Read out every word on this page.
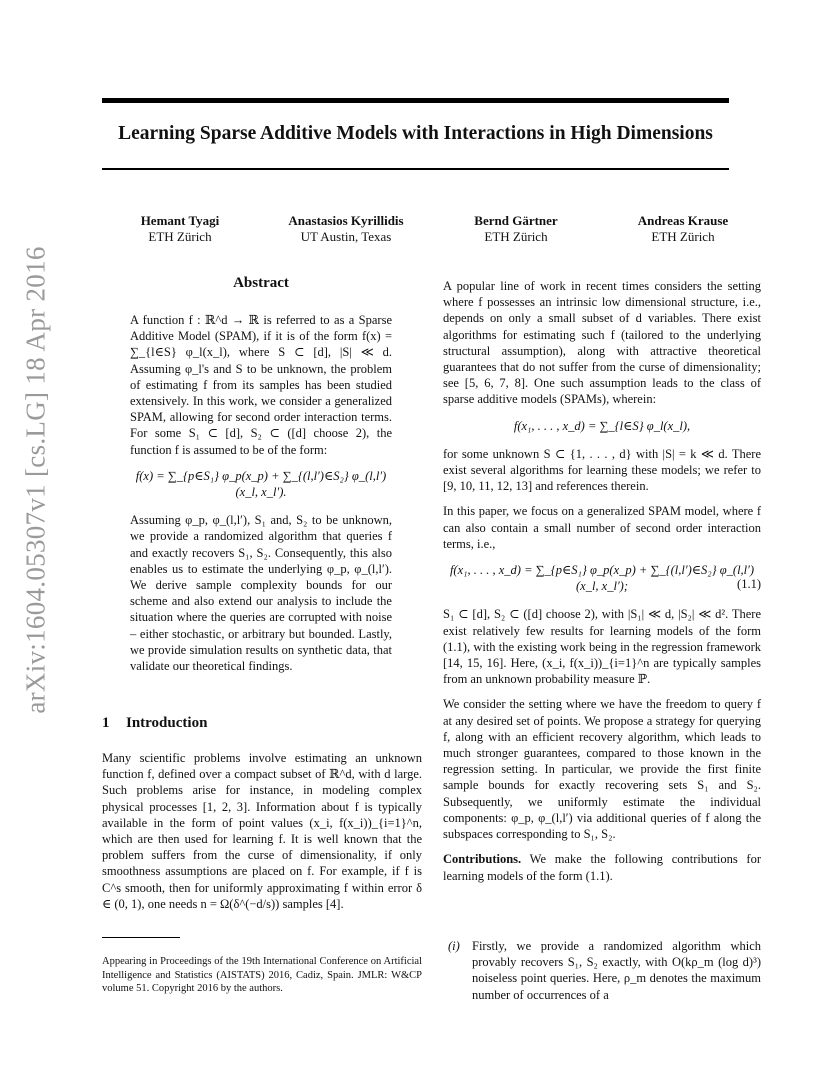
arXiv:1604.05307v1 [cs.LG] 18 Apr 2016
Learning Sparse Additive Models with Interactions in High Dimensions
Hemant Tyagi
ETH Zürich
Anastasios Kyrillidis
UT Austin, Texas
Bernd Gärtner
ETH Zürich
Andreas Krause
ETH Zürich
Abstract

A function f : ℝ^d → ℝ is referred to as a Sparse Additive Model (SPAM), if it is of the form f(x) = ∑_{l∈S} φ_l(x_l), where S ⊂ [d], |S| ≪ d. Assuming φ_l's and S to be unknown, the problem of estimating f from its samples has been studied extensively. In this work, we consider a generalized SPAM, allowing for second order interaction terms. For some S₁ ⊂ [d], S₂ ⊂ ([d] choose 2), the function f is assumed to be of the form:

f(x) = ∑_{p∈S₁} φ_p(x_p) + ∑_{(l,l′)∈S₂} φ_(l,l′)(x_l, x_l′).

Assuming φ_p, φ_(l,l′), S₁ and, S₂ to be unknown, we provide a randomized algorithm that queries f and exactly recovers S₁, S₂. Consequently, this also enables us to estimate the underlying φ_p, φ_(l,l′). We derive sample complexity bounds for our scheme and also extend our analysis to include the situation where the queries are corrupted with noise – either stochastic, or arbitrary but bounded. Lastly, we provide simulation results on synthetic data, that validate our theoretical findings.

1 Introduction

Many scientific problems involve estimating an unknown function f, defined over a compact subset of ℝ^d, with d large. Such problems arise for instance, in modeling complex physical processes [1, 2, 3]. Information about f is typically available in the form of point values (x_i, f(x_i))_{i=1}^n, which are then used for learning f. It is well known that the problem suffers from the curse of dimensionality, if only smoothness assumptions are placed on f. For example, if f is C^s smooth, then for uniformly approximating f within error δ ∈ (0, 1), one needs n = Ω(δ^(−d/s)) samples [4].

Appearing in Proceedings of the 19th International Conference on Artificial Intelligence and Statistics (AISTATS) 2016, Cadiz, Spain. JMLR: W&CP volume 51. Copyright 2016 by the authors.

A popular line of work in recent times considers the setting where f possesses an intrinsic low dimensional structure, i.e., depends on only a small subset of d variables. There exist algorithms for estimating such f (tailored to the underlying structural assumption), along with attractive theoretical guarantees that do not suffer from the curse of dimensionality; see [5, 6, 7, 8]. One such assumption leads to the class of sparse additive models (SPAMs), wherein:

f(x₁, . . . , x_d) = ∑_{l∈S} φ_l(x_l),

for some unknown S ⊂ {1, . . . , d} with |S| = k ≪ d. There exist several algorithms for learning these models; we refer to [9, 10, 11, 12, 13] and references therein.

In this paper, we focus on a generalized SPAM model, where f can also contain a small number of second order interaction terms, i.e.,

f(x₁, . . . , x_d) = ∑_{p∈S₁} φ_p(x_p) + ∑_{(l,l′)∈S₂} φ_(l,l′)(x_l, x_l′);	(1.1)

S₁ ⊂ [d], S₂ ⊂ ([d] choose 2), with |S₁| ≪ d, |S₂| ≪ d². There exist relatively few results for learning models of the form (1.1), with the existing work being in the regression framework [14, 15, 16]. Here, (x_i, f(x_i))_{i=1}^n are typically samples from an unknown probability measure ℙ.

We consider the setting where we have the freedom to query f at any desired set of points. We propose a strategy for querying f, along with an efficient recovery algorithm, which leads to much stronger guarantees, compared to those known in the regression setting. In particular, we provide the first finite sample bounds for exactly recovering sets S₁ and S₂. Subsequently, we uniformly estimate the individual components: φ_p, φ_(l,l′) via additional queries of f along the subspaces corresponding to S₁, S₂.

Contributions. We make the following contributions for learning models of the form (1.1).

(i) Firstly, we provide a randomized algorithm which provably recovers S₁, S₂ exactly, with O(kρ_m (log d)³) noiseless point queries. Here, ρ_m denotes the maximum number of occurrences of a
